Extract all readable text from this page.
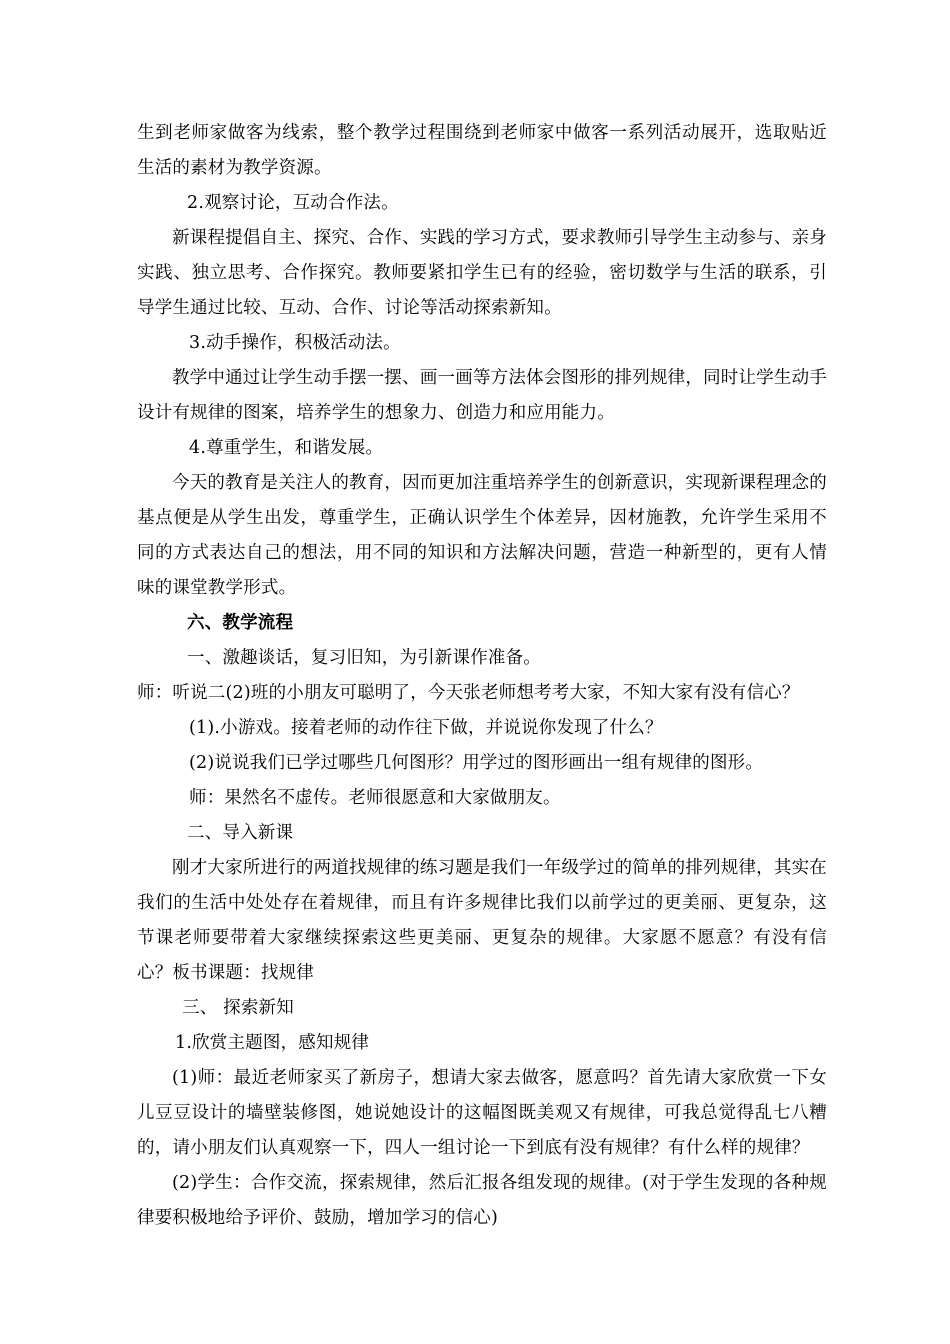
生到老师家做客为线索，整个教学过程围绕到老师家中做客一系列活动展开，选取贴近生活的素材为教学资源。

2.观察讨论，互动合作法。

新课程提倡自主、探究、合作、实践的学习方式，要求教师引导学生主动参与、亲身实践、独立思考、合作探究。教师要紧扣学生已有的经验，密切数学与生活的联系，引导学生通过比较、互动、合作、讨论等活动探索新知。

3.动手操作，积极活动法。

教学中通过让学生动手摆一摆、画一画等方法体会图形的排列规律，同时让学生动手设计有规律的图案，培养学生的想象力、创造力和应用能力。

4.尊重学生，和谐发展。

今天的教育是关注人的教育，因而更加注重培养学生的创新意识，实现新课程理念的基点便是从学生出发，尊重学生，正确认识学生个体差异，因材施教，允许学生采用不同的方式表达自己的想法，用不同的知识和方法解决问题，营造一种新型的，更有人情味的课堂教学形式。

六、教学流程

一、激趣谈话，复习旧知，为引新课作准备。

师：听说二(2)班的小朋友可聪明了，今天张老师想考考大家，不知大家有没有信心？

(1).小游戏。接着老师的动作往下做，并说说你发现了什么？

(2)说说我们已学过哪些几何图形？用学过的图形画出一组有规律的图形。

师：果然名不虚传。老师很愿意和大家做朋友。

二、导入新课

刚才大家所进行的两道找规律的练习题是我们一年级学过的简单的排列规律，其实在我们的生活中处处存在着规律，而且有许多规律比我们以前学过的更美丽、更复杂，这节课老师要带着大家继续探索这些更美丽、更复杂的规律。大家愿不愿意？有没有信心？板书课题：找规律

三、 探索新知

1.欣赏主题图，感知规律

(1)师：最近老师家买了新房子，想请大家去做客，愿意吗？首先请大家欣赏一下女儿豆豆设计的墙壁装修图，她说她设计的这幅图既美观又有规律，可我总觉得乱七八糟的，请小朋友们认真观察一下，四人一组讨论一下到底有没有规律？有什么样的规律？

(2)学生：合作交流，探索规律，然后汇报各组发现的规律。(对于学生发现的各种规律要积极地给予评价、鼓励，增加学习的信心)
